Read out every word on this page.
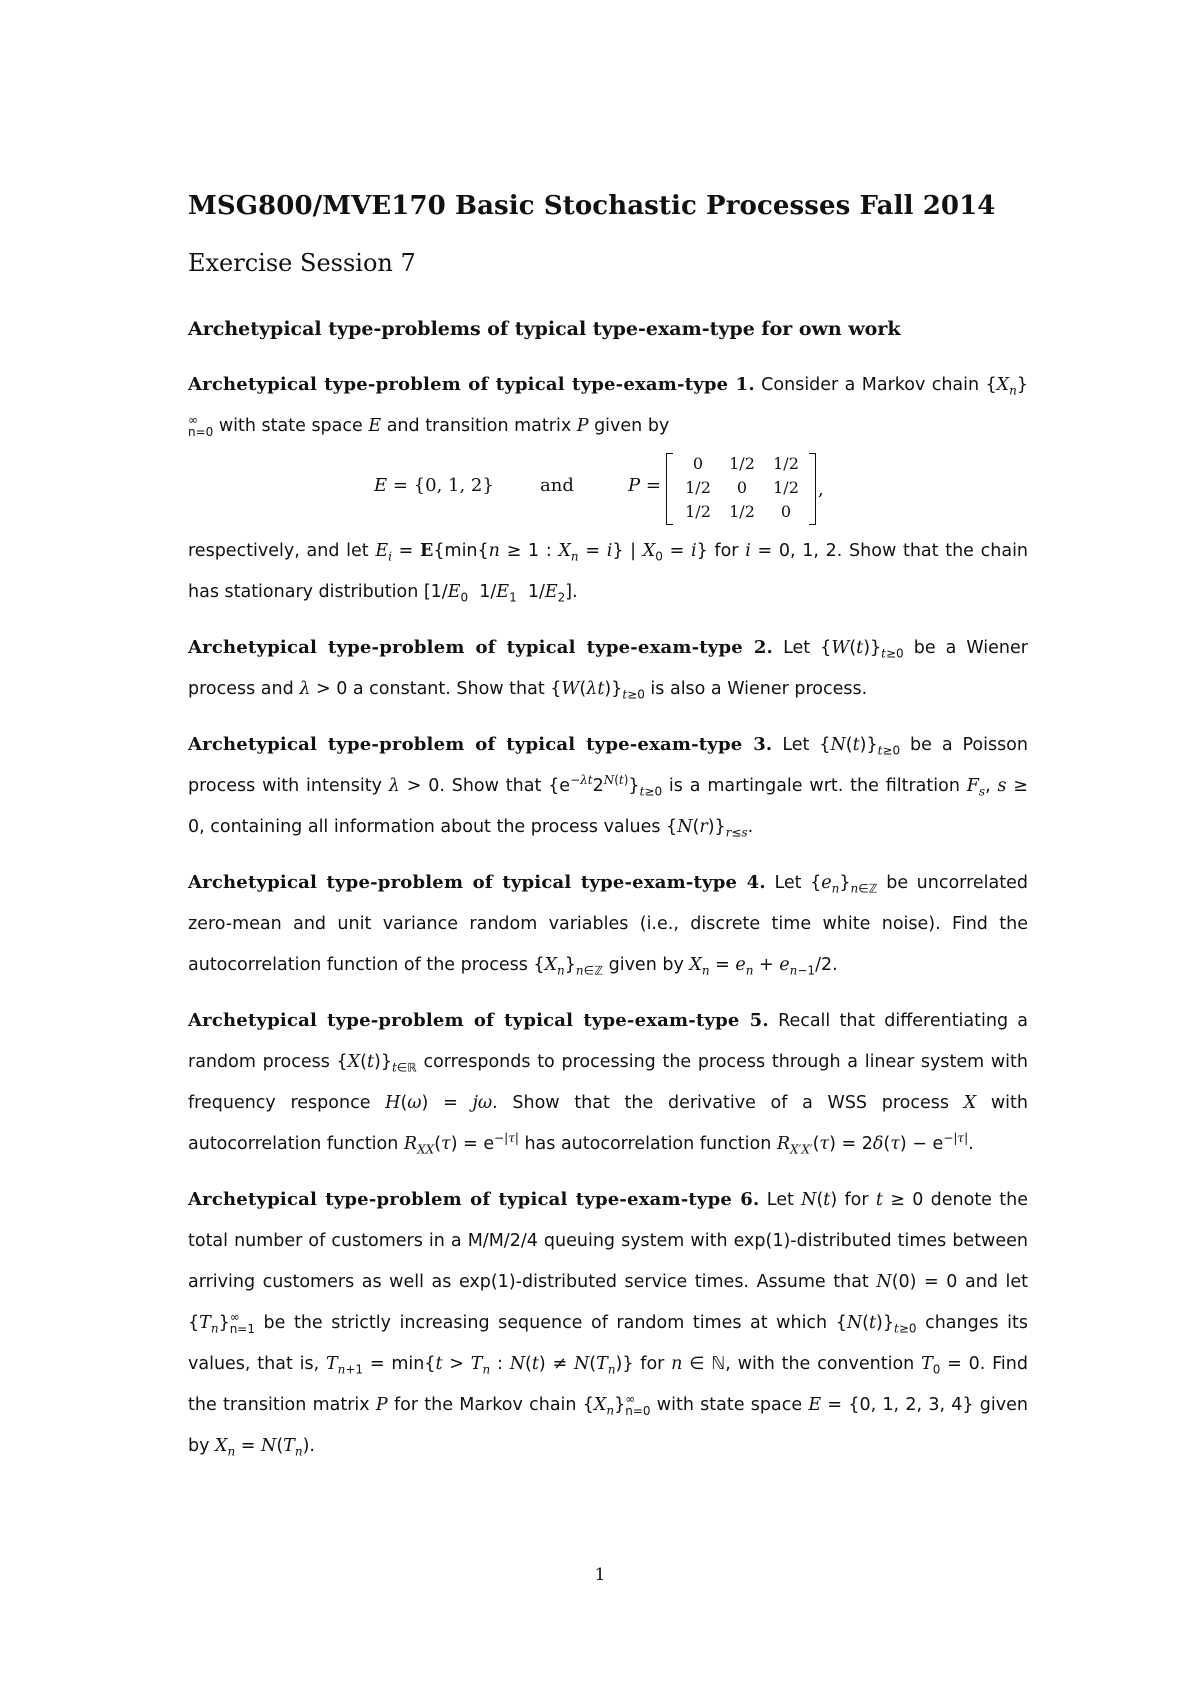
MSG800/MVE170 Basic Stochastic Processes Fall 2014
Exercise Session 7
Archetypical type-problems of typical type-exam-type for own work

Archetypical type-problem of typical type-exam-type 1. Consider a Markov chain $\{X_n\}^\infty_{n=0}$ with state space E and transition matrix P given by

E = {0, 1, 2}	and	P =
0	1/2	1/2
1/2	0	1/2
1/2	1/2	0
,

respectively, and let $E_i = E\{\min\{n \ge 1$ : $X_n = i$} | $X_0 = i$} for i = 0, 1, 2. Show that the chain has stationary distribution [$1/E_0$  $1/E_1$  $1/E_2$].

Archetypical type-problem of typical type-exam-type 2. Let $\{W(t)\}_{t\ge 0}$ be a Wiener process and λ > 0 a constant. Show that $\{W(\lambda t)\}_{t\ge 0}$ is also a Wiener process.

Archetypical type-problem of typical type-exam-type 3. Let $\{N(t)\}_{t\ge 0}$ be a Poisson process with intensity λ > 0. Show that $\{e^{-\lambda t}2^{N(t)}\}_{t\ge 0}$ is a martingale wrt. the filtration $F_s$, s ≥ 0, containing all information about the process values $\{N(r)\}_{r\le s}$.

Archetypical type-problem of typical type-exam-type 4. Let $\{e_n\}_{n\in ℤ}$ be uncorrelated zero-mean and unit variance random variables (i.e., discrete time white noise). Find the autocorrelation function of the process $\{X_n\}_{n\in ℤ}$ given by $X_n = e_n + e_{n-1}/2$.

Archetypical type-problem of typical type-exam-type 5. Recall that differentiating a random process $\{X(t)\}_{t\in ℝ}$ corresponds to processing the process through a linear system with frequency responce H(ω) = jω. Show that the derivative of a WSS process X with autocorrelation function $R_{XX}(\tau) = e^{-|\tau|}$ has autocorrelation function $R_{X'X'}(\tau) = 2\delta(\tau) - e^{-|\tau|}$.

Archetypical type-problem of typical type-exam-type 6. Let N(t) for t ≥ 0 denote the total number of customers in a M/M/2/4 queuing system with exp(1)-distributed times between arriving customers as well as exp(1)-distributed service times. Assume that N(0) = 0 and let $\{T_n\}^\infty_{n=1}$ be the strictly increasing sequence of random times at which $\{N(t)\}_{t\ge 0}$ changes its values, that is, $T_{n+1} = \min\{t > T_n$ : $N(t) \ne N(T_n)$} for n ∈ ℕ, with the convention $T_0 = 0$. Find the transition matrix P for the Markov chain $\{X_n\}^\infty_{n=0}$ with state space E = {0, 1, 2, 3, 4} given by $X_n = N(T_n)$.

1
